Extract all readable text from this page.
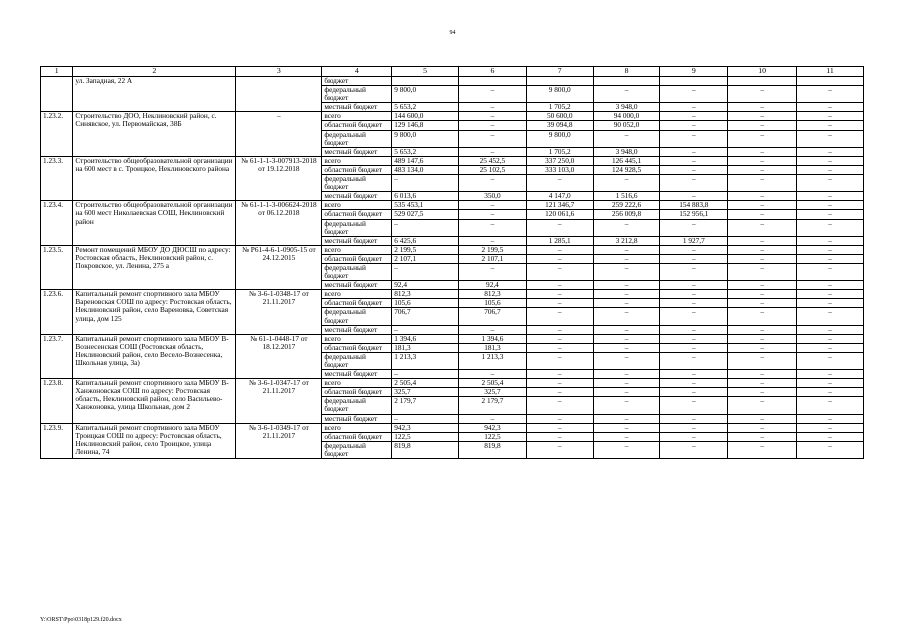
94
1	2	3	4	5	6	7	8	9	10	11
	ул. Западная, 22 А		бюджет							
			федеральный бюджет	9 800,0	–	9 800,0	–	–	–	–
			местный бюджет	5 653,2	–	1 705,2	3 948,0	–	–	–
1.23.2.	Строительство ДОО, Неклиновский район, с. Синявское, ул. Первомайская, 38Б	–	всего	144 600,0	–	50 600,0	94 000,0	–	–	–
			областной бюджет	129 146,8	–	39 094,8	90 052,0	–	–	–
			федеральный бюджет	9 800,0	–	9 800,0	–	–	–	–
			местный бюджет	5 653,2	–	1 705,2	3 948,0	–	–	–
1.23.3.	Строительство общеобразовательной организации на 600 мест в с. Троицкое, Неклиновского района	№ 61-1-1-3-007913-2018 от 19.12.2018	всего	489 147,6	25 452,5	337 250,0	126 445,1	–	–	–
			областной бюджет	483 134,0	25 102,5	333 103,0	124 928,5	–	–	–
			федеральный бюджет	–	–	–	–	–	–	–
			местный бюджет	6 013,6	350,0	4 147,0	1 516,6	–	–	–
1.23.4.	Строительство общеобразовательной организации на 600 мест Николаевская СОШ, Неклиновский район	№ 61-1-1-3-006624-2018 от 06.12.2018	всего	535 453,1	–	121 346,7	259 222,6	154 883,8	–	–
			областной бюджет	529 027,5	–	120 061,6	256 009,8	152 956,1	–	–
			федеральный бюджет	–	–	–	–	–	–	–
			местный бюджет	6 425,6	–	1 285,1	3 212,8	1 927,7	–	–
1.23.5.	Ремонт помещений МБОУ ДО ДЮСШ по адресу: Ростовская область, Неклиновский район, с. Покровское, ул. Ленина, 275 а	№ Р61-4-6-1-0905-15 от 24.12.2015	всего	2 199,5	2 199,5	–	–	–	–	–
			областной бюджет	2 107,1	2 107,1	–	–	–	–	–
			федеральный бюджет	–	–	–	–	–	–	–
			местный бюджет	92,4	92,4	–	–	–	–	–
1.23.6.	Капитальный ремонт спортивного зала МБОУ Вареновская СОШ по адресу: Ростовская область, Неклиновский район, село Вареновка, Советская улица, дом 125	№ 3-6-1-0348-17 от 21.11.2017	всего	812,3	812,3	–	–	–	–	–
			областной бюджет	105,6	105,6	–	–	–	–	–
			федеральный бюджет	706,7	706,7	–	–	–	–	–
			местный бюджет	–	–	–	–	–	–	–
1.23.7.	Капитальный ремонт спортивного зала МБОУ В-Вознесенская СОШ (Ростовская область, Неклиновский район, село Весело-Вознесенка, Школьная улица, 3а)	№ 61-1-0448-17 от 18.12.2017	всего	1 394,6	1 394,6	–	–	–	–	–
			областной бюджет	181,3	181,3	–	–	–	–	–
			федеральный бюджет	1 213,3	1 213,3	–	–	–	–	–
			местный бюджет	–	–	–	–	–	–	–
1.23.8.	Капитальный ремонт спортивного зала МБОУ В-Ханжоновская СОШ по адресу: Ростовская область, Неклиновский район, село Васильево-Ханжоновка, улица Школьная, дом 2	№ 3-6-1-0347-17 от 21.11.2017	всего	2 505,4	2 505,4	–	–	–	–	–
			областной бюджет	325,7	325,7	–	–	–	–	–
			федеральный бюджет	2 179,7	2 179,7	–	–	–	–	–
			местный бюджет	–	–	–	–	–	–	–
1.23.9.	Капитальный ремонт спортивного зала МБОУ Троицкая СОШ по адресу: Ростовская область, Неклиновский район, село Троицкое, улица Ленина, 74	№ 3-6-1-0349-17 от 21.11.2017	всего	942,3	942,3	–	–	–	–	–
			областной бюджет	122,5	122,5	–	–	–	–	–
			федеральный бюджет	819,8	819,8	–	–	–	–	–
Y:\ORST\Ppo\0318p129.f20.docx
